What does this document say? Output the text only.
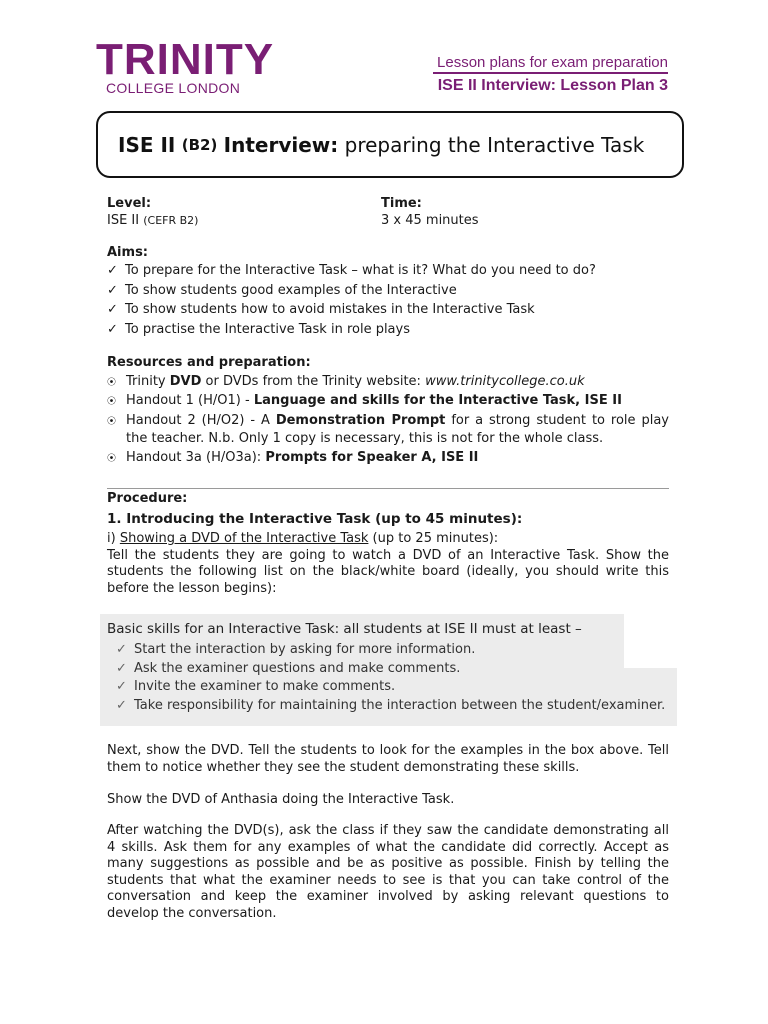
TRINITY
COLLEGE LONDON
Lesson plans for exam preparation
ISE II Interview: Lesson Plan 3
ISE II
(B2)
Interview:
preparing the Interactive Task
Level:
ISE II (CEFR B2)
Time:
3 x 45 minutes
Aims:
✓ To prepare for the Interactive Task – what is it? What do you need to do?
✓ To show students good examples of the Interactive
✓ To show students how to avoid mistakes in the Interactive Task
✓ To practise the Interactive Task in role plays
Resources and preparation:
⦿ Trinity DVD or DVDs from the Trinity website: www.trinitycollege.co.uk
⦿ Handout 1 (H/O1) - Language and skills for the Interactive Task, ISE II
⦿ Handout 2 (H/O2) - A Demonstration Prompt for a strong student to role play the teacher. N.b. Only 1 copy is necessary, this is not for the whole class.
⦿ Handout 3a (H/O3a): Prompts for Speaker A, ISE II
Procedure:
1. Introducing the Interactive Task (up to 45 minutes):
i) Showing a DVD of the Interactive Task (up to 25 minutes):

Tell the students they are going to watch a DVD of an Interactive Task. Show the students the following list on the black/white board (ideally, you should write this before the lesson begins):

Basic skills for an Interactive Task: all students at ISE II must at least –
✓ Start the interaction by asking for more information.
✓ Ask the examiner questions and make comments.
✓ Invite the examiner to make comments.
✓ Take responsibility for maintaining the interaction between the student/examiner.

Next, show the DVD. Tell the students to look for the examples in the box above. Tell them to notice whether they see the student demonstrating these skills.

Show the DVD of Anthasia doing the Interactive Task.

After watching the DVD(s), ask the class if they saw the candidate demonstrating all 4 skills. Ask them for any examples of what the candidate did correctly. Accept as many suggestions as possible and be as positive as possible. Finish by telling the students that what the examiner needs to see is that you can take control of the conversation and keep the examiner involved by asking relevant questions to develop the conversation.
